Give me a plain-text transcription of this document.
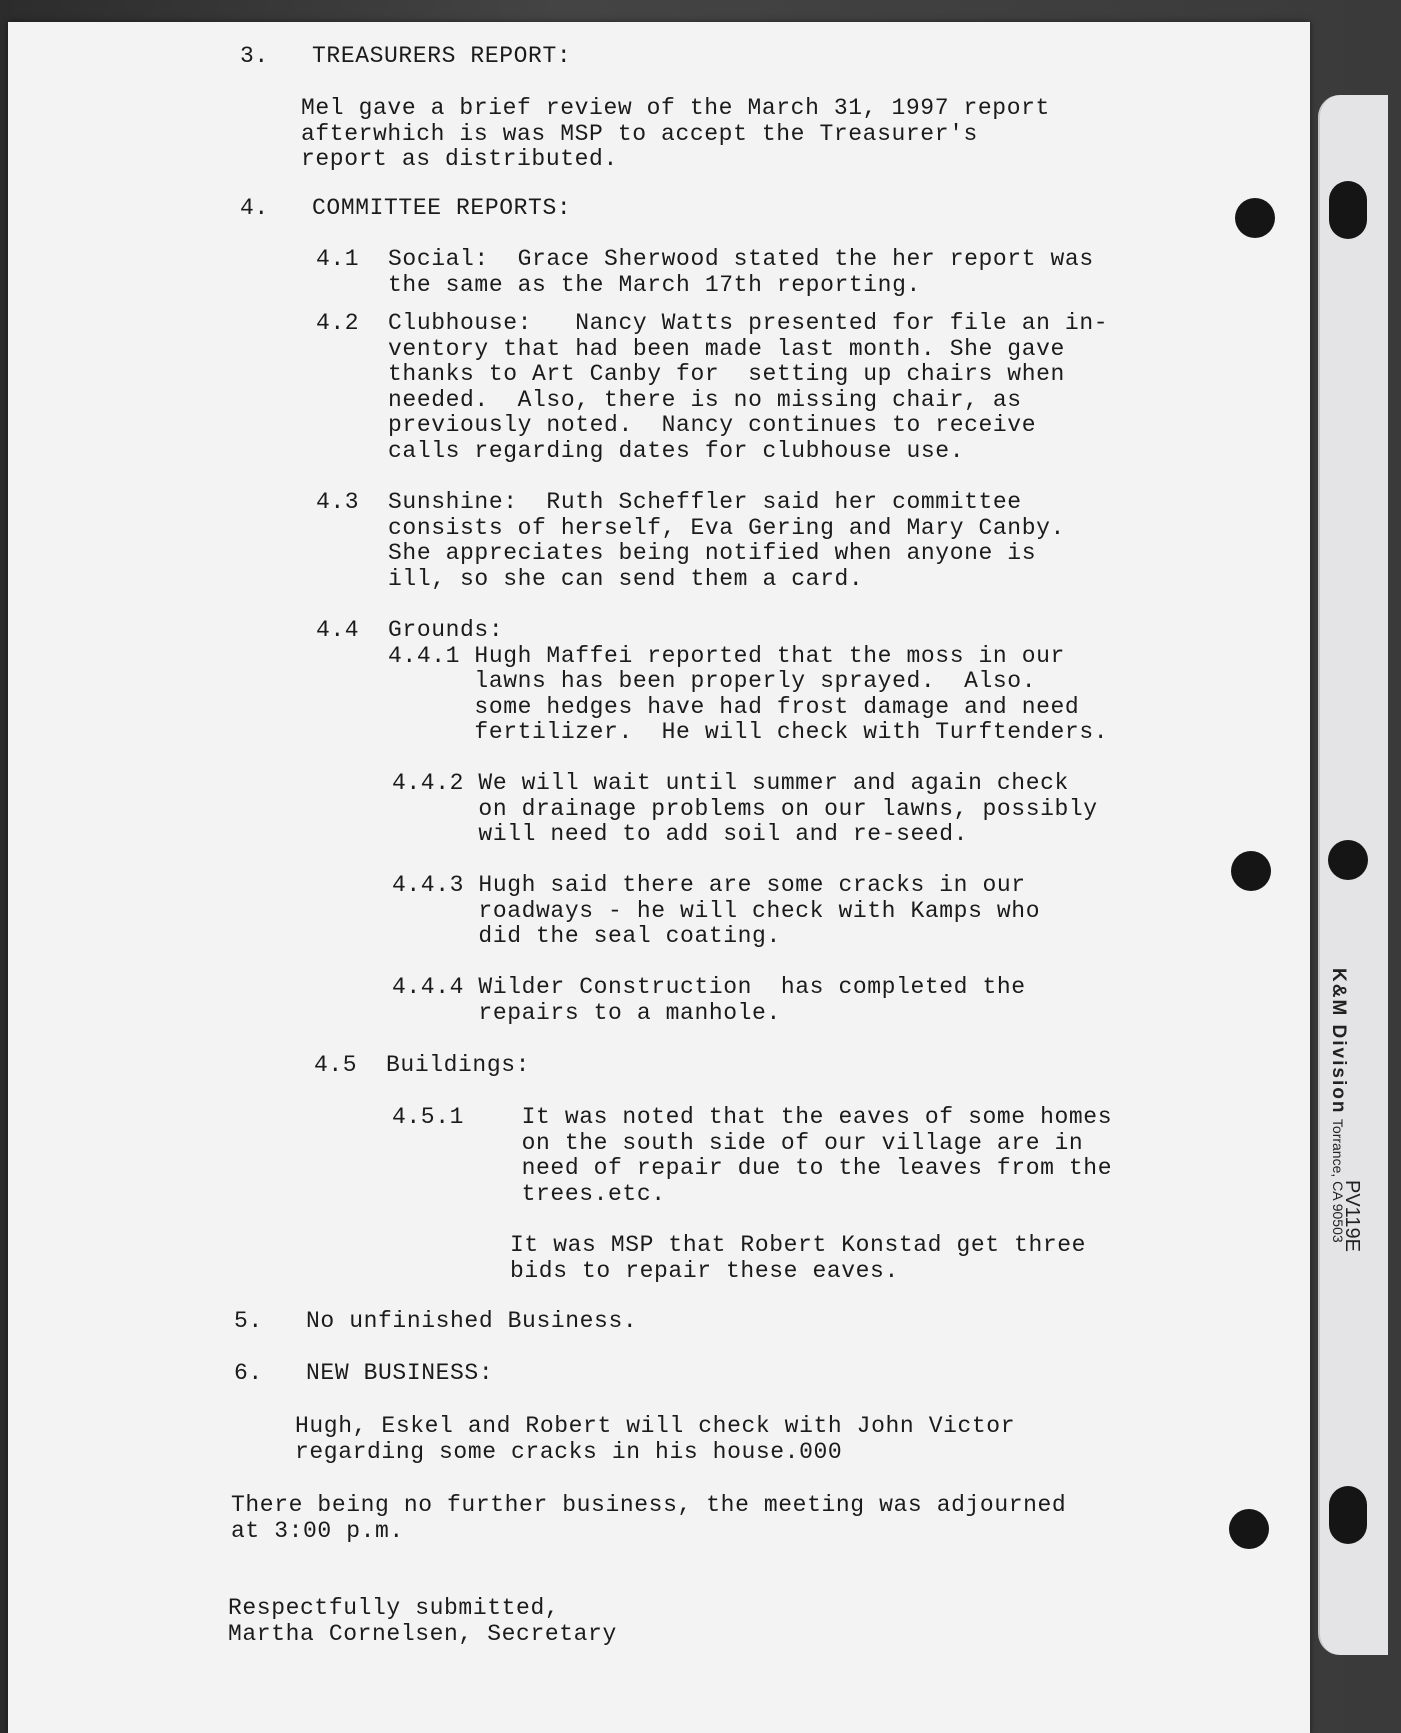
K&M Division Torrance, CA 90503
PV119E
3.   TREASURERS REPORT:
Mel gave a brief review of the March 31, 1997 report
afterwhich is was MSP to accept the Treasurer's
report as distributed.
4.   COMMITTEE REPORTS:
4.1  Social:  Grace Sherwood stated the her report was
the same as the March 17th reporting.
4.2  Clubhouse:   Nancy Watts presented for file an in-
ventory that had been made last month. She gave
thanks to Art Canby for  setting up chairs when
needed.  Also, there is no missing chair, as
previously noted.  Nancy continues to receive
calls regarding dates for clubhouse use.
4.3  Sunshine:  Ruth Scheffler said her committee
consists of herself, Eva Gering and Mary Canby.
She appreciates being notified when anyone is
ill, so she can send them a card.
4.4  Grounds:
4.4.1 Hugh Maffei reported that the moss in our
lawns has been properly sprayed.  Also.
some hedges have had frost damage and need
fertilizer.  He will check with Turftenders.
4.4.2 We will wait until summer and again check
on drainage problems on our lawns, possibly
will need to add soil and re-seed.
4.4.3 Hugh said there are some cracks in our
roadways - he will check with Kamps who
did the seal coating.
4.4.4 Wilder Construction  has completed the
repairs to a manhole.
4.5  Buildings:
4.5.1    It was noted that the eaves of some homes
on the south side of our village are in
need of repair due to the leaves from the
trees.etc.
It was MSP that Robert Konstad get three
bids to repair these eaves.
5.   No unfinished Business.
6.   NEW BUSINESS:
Hugh, Eskel and Robert will check with John Victor
regarding some cracks in his house.000
There being no further business, the meeting was adjourned
at 3:00 p.m.
Respectfully submitted,
Martha Cornelsen, Secretary
